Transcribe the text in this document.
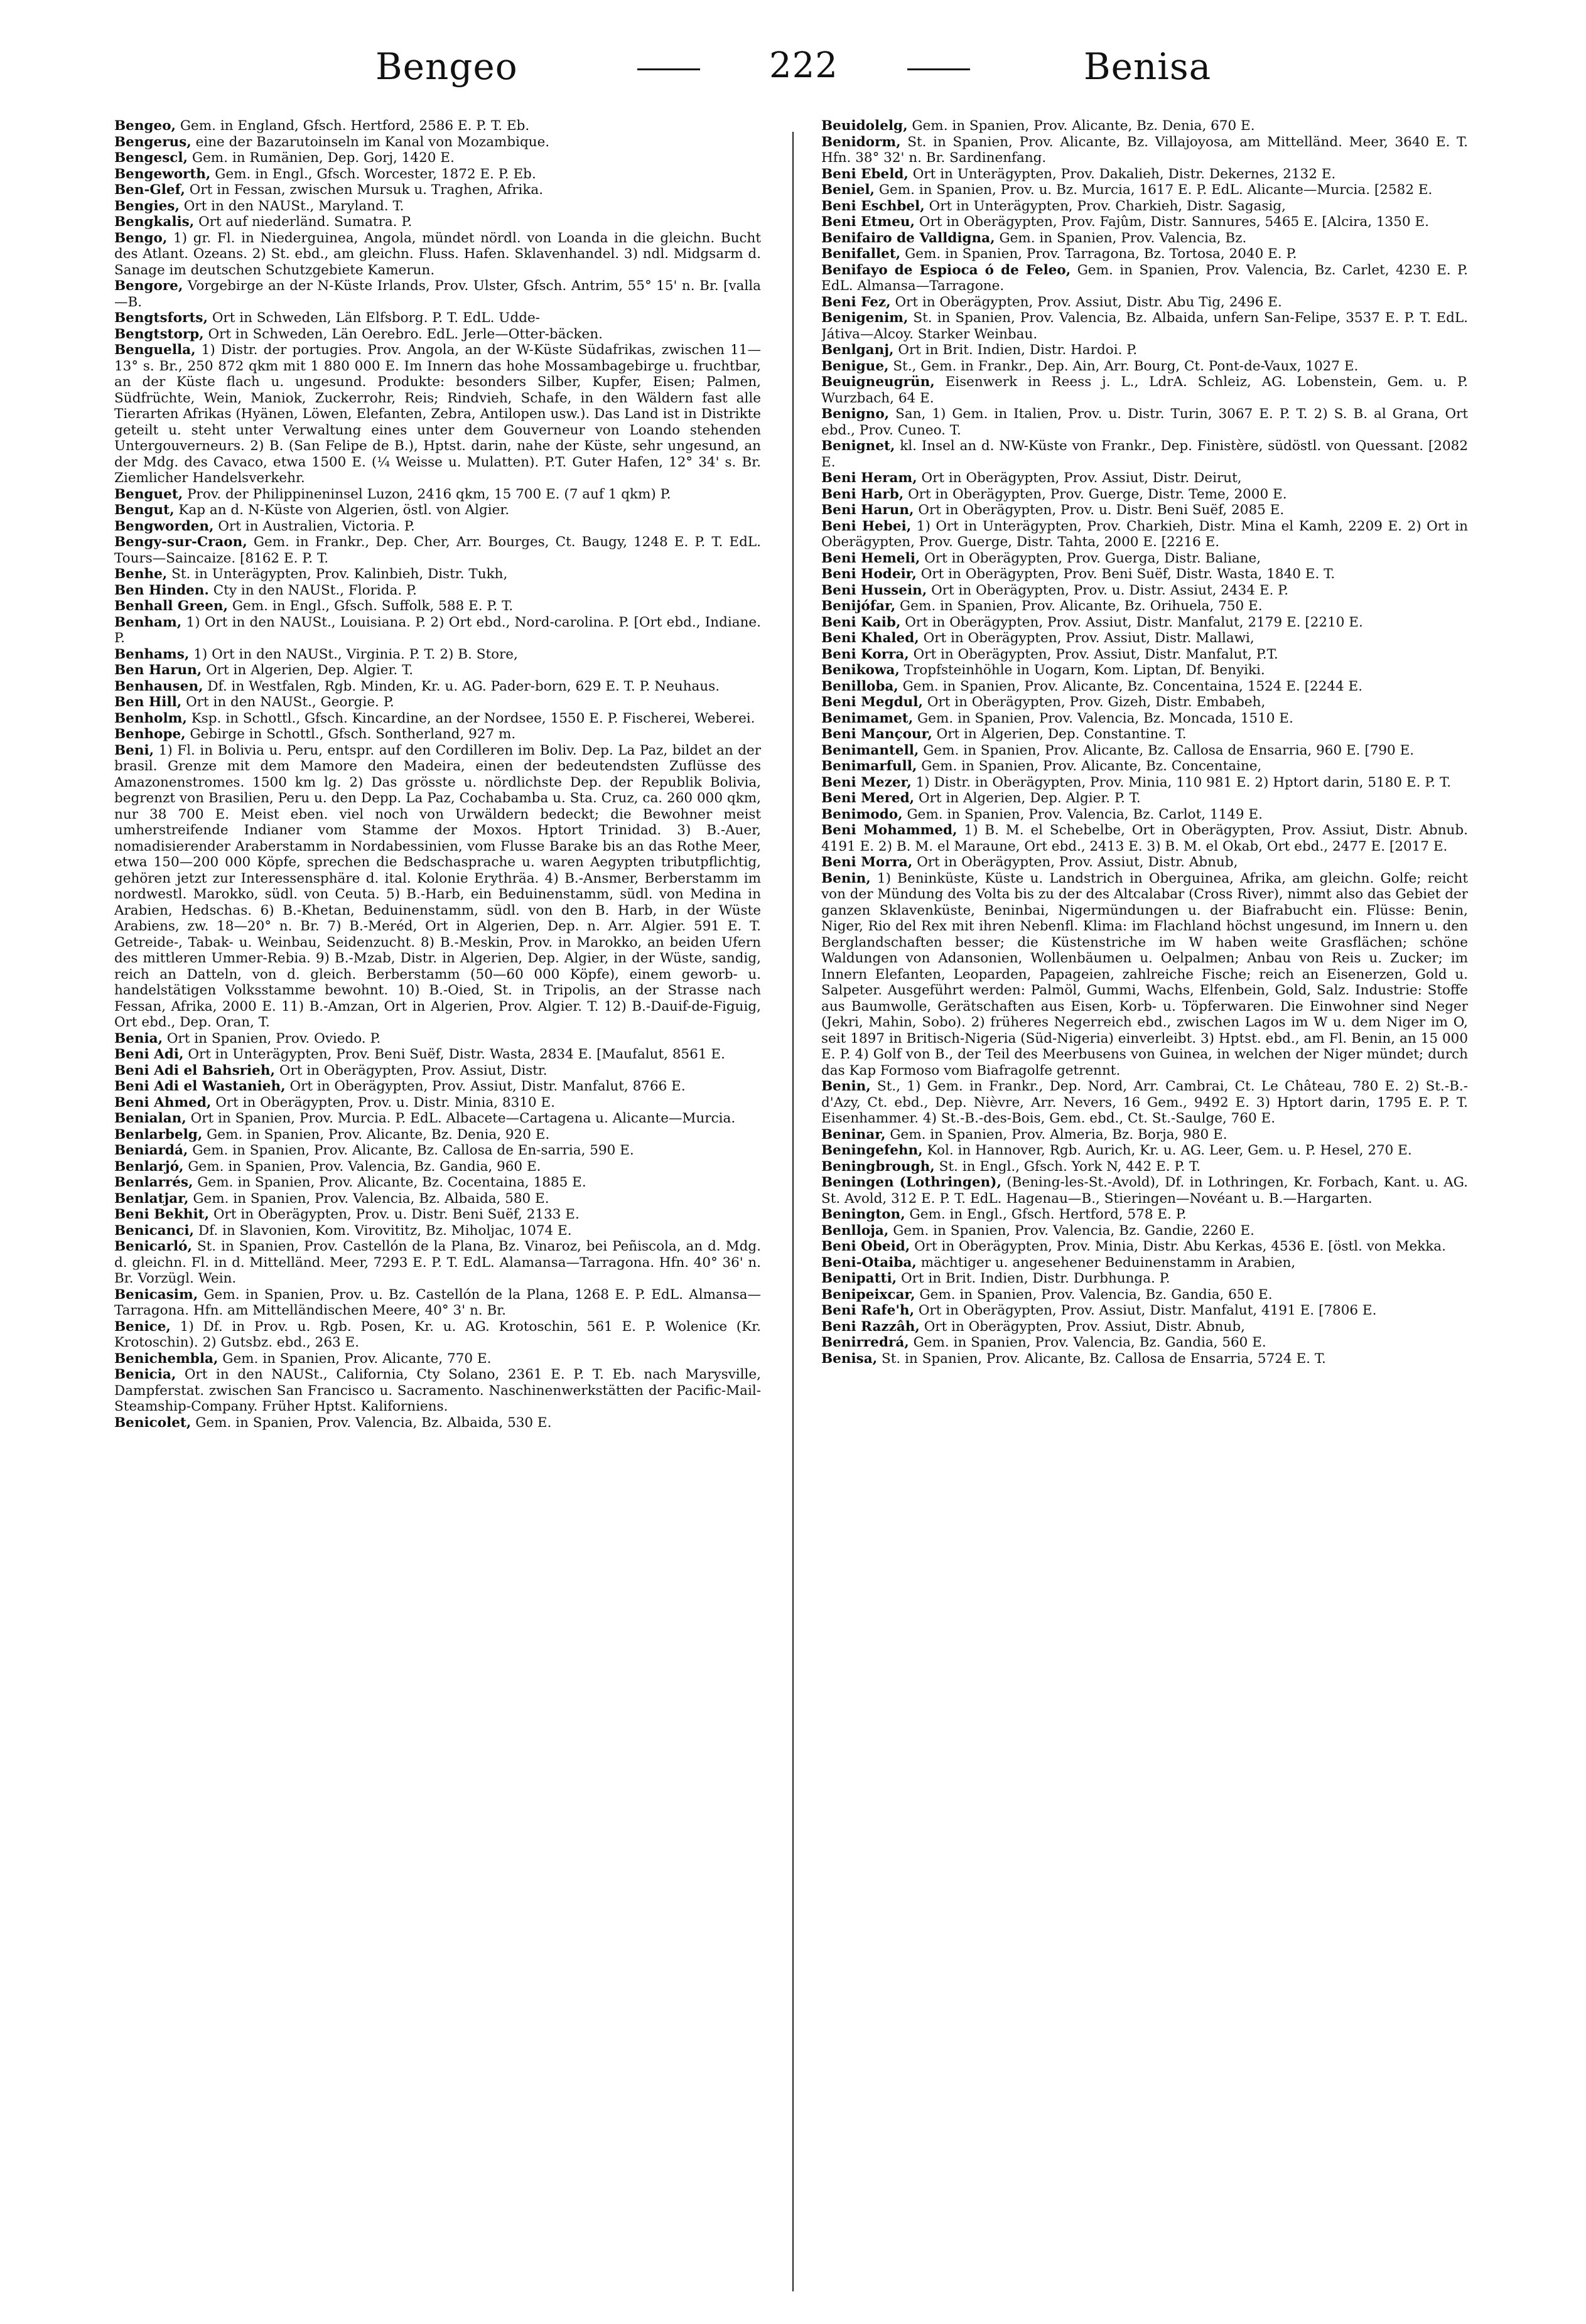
Bengeo	222	Benisa

Bengeo, Gem. in England, Gfsch. Hertford, 2586 E. P. T. Eb.

Bengerus, eine der Bazarutoinseln im Kanal von Mozambique.

Bengescl, Gem. in Rumänien, Dep. Gorj, 1420 E.

Bengeworth, Gem. in Engl., Gfsch. Worcester, 1872 E. P. Eb.

Ben-Glef, Ort in Fessan, zwischen Mursuk u. Traghen, Afrika.

Bengies, Ort in den NAUSt., Maryland. T.

Bengkalis, Ort auf niederländ. Sumatra. P.

Bengo, 1) gr. Fl. in Niederguinea, Angola, mündet nördl. von Loanda in die gleichn. Bucht des Atlant. Ozeans. 2) St. ebd., am gleichn. Fluss. Hafen. Sklavenhandel. 3) ndl. Midgsarm d. Sanage im deutschen Schutzgebiete Kamerun.

Bengore, Vorgebirge an der N-Küste Irlands, Prov. Ulster, Gfsch. Antrim, 55° 15' n. Br. [valla—B.

Bengtsforts, Ort in Schweden, Län Elfsborg. P. T. EdL. Udde-

Bengtstorp, Ort in Schweden, Län Oerebro. EdL. Jerle—Otter-bäcken.

Benguella, 1) Distr. der portugies. Prov. Angola, an der W-Küste Südafrikas, zwischen 11—13° s. Br., 250 872 qkm mit 1 880 000 E. Im Innern das hohe Mossambagebirge u. fruchtbar, an der Küste flach u. ungesund. Produkte: besonders Silber, Kupfer, Eisen; Palmen, Südfrüchte, Wein, Maniok, Zuckerrohr, Reis; Rindvieh, Schafe, in den Wäldern fast alle Tierarten Afrikas (Hyänen, Löwen, Elefanten, Zebra, Antilopen usw.). Das Land ist in Distrikte geteilt u. steht unter Verwaltung eines unter dem Gouverneur von Loando stehenden Untergouverneurs. 2) B. (San Felipe de B.), Hptst. darin, nahe der Küste, sehr ungesund, an der Mdg. des Cavaco, etwa 1500 E. (¼ Weisse u. Mulatten). P.T. Guter Hafen, 12° 34' s. Br. Ziemlicher Handelsverkehr.

Benguet, Prov. der Philippineninsel Luzon, 2416 qkm, 15 700 E. (7 auf 1 qkm) P.

Bengut, Kap an d. N-Küste von Algerien, östl. von Algier.

Bengworden, Ort in Australien, Victoria. P.

Bengy-sur-Craon, Gem. in Frankr., Dep. Cher, Arr. Bourges, Ct. Baugy, 1248 E. P. T. EdL. Tours—Saincaize. [8162 E. P. T.

Benhe, St. in Unterägypten, Prov. Kalinbieh, Distr. Tukh,

Ben Hinden. Cty in den NAUSt., Florida. P.

Benhall Green, Gem. in Engl., Gfsch. Suffolk, 588 E. P. T.

Benham, 1) Ort in den NAUSt., Louisiana. P. 2) Ort ebd., Nord-carolina. P. [Ort ebd., Indiane. P.

Benhams, 1) Ort in den NAUSt., Virginia. P. T. 2) B. Store,

Ben Harun, Ort in Algerien, Dep. Algier. T.

Benhausen, Df. in Westfalen, Rgb. Minden, Kr. u. AG. Pader-born, 629 E. T. P. Neuhaus.

Ben Hill, Ort in den NAUSt., Georgie. P.

Benholm, Ksp. in Schottl., Gfsch. Kincardine, an der Nordsee, 1550 E. P. Fischerei, Weberei.

Benhope, Gebirge in Schottl., Gfsch. Sontherland, 927 m.

Beni, 1) Fl. in Bolivia u. Peru, entspr. auf den Cordilleren im Boliv. Dep. La Paz, bildet an der brasil. Grenze mit dem Mamore den Madeira, einen der bedeutendsten Zuflüsse des Amazonenstromes. 1500 km lg. 2) Das grösste u. nördlichste Dep. der Republik Bolivia, begrenzt von Brasilien, Peru u. den Depp. La Paz, Cochabamba u. Sta. Cruz, ca. 260 000 qkm, nur 38 700 E. Meist eben. viel noch von Urwäldern bedeckt; die Bewohner meist umherstreifende Indianer vom Stamme der Moxos. Hptort Trinidad. 3) B.-Auer, nomadisierender Araberstamm in Nordabessinien, vom Flusse Barake bis an das Rothe Meer, etwa 150—200 000 Köpfe, sprechen die Bedschasprache u. waren Aegypten tributpflichtig, gehören jetzt zur Interessensphäre d. ital. Kolonie Erythräa. 4) B.-Ansmer, Berberstamm im nordwestl. Marokko, südl. von Ceuta. 5) B.-Harb, ein Beduinenstamm, südl. von Medina in Arabien, Hedschas. 6) B.-Khetan, Beduinenstamm, südl. von den B. Harb, in der Wüste Arabiens, zw. 18—20° n. Br. 7) B.-Meréd, Ort in Algerien, Dep. n. Arr. Algier. 591 E. T. Getreide-, Tabak- u. Weinbau, Seidenzucht. 8) B.-Meskin, Prov. in Marokko, an beiden Ufern des mittleren Ummer-Rebia. 9) B.-Mzab, Distr. in Algerien, Dep. Algier, in der Wüste, sandig, reich an Datteln, von d. gleich. Berberstamm (50—60 000 Köpfe), einem geworb- u. handelstätigen Volksstamme bewohnt. 10) B.-Oied, St. in Tripolis, an der Strasse nach Fessan, Afrika, 2000 E. 11) B.-Amzan, Ort in Algerien, Prov. Algier. T. 12) B.-Dauif-de-Figuig, Ort ebd., Dep. Oran, T.

Benia, Ort in Spanien, Prov. Oviedo. P.

Beni Adi, Ort in Unterägypten, Prov. Beni Suëf, Distr. Wasta, 2834 E. [Maufalut, 8561 E.

Beni Adi el Bahsrieh, Ort in Oberägypten, Prov. Assiut, Distr.

Beni Adi el Wastanieh, Ort in Oberägypten, Prov. Assiut, Distr. Manfalut, 8766 E.

Beni Ahmed, Ort in Oberägypten, Prov. u. Distr. Minia, 8310 E.

Benialan, Ort in Spanien, Prov. Murcia. P. EdL. Albacete—Cartagena u. Alicante—Murcia.

Benlarbelg, Gem. in Spanien, Prov. Alicante, Bz. Denia, 920 E.

Beniardá, Gem. in Spanien, Prov. Alicante, Bz. Callosa de En-sarria, 590 E.

Benlarjó, Gem. in Spanien, Prov. Valencia, Bz. Gandia, 960 E.

Benlarrés, Gem. in Spanien, Prov. Alicante, Bz. Cocentaina, 1885 E.

Benlatjar, Gem. in Spanien, Prov. Valencia, Bz. Albaida, 580 E.

Beni Bekhit, Ort in Oberägypten, Prov. u. Distr. Beni Suëf, 2133 E.

Benicanci, Df. in Slavonien, Kom. Virovititz, Bz. Miholjac, 1074 E.

Benicarló, St. in Spanien, Prov. Castellón de la Plana, Bz. Vinaroz, bei Peñiscola, an d. Mdg. d. gleichn. Fl. in d. Mittelländ. Meer, 7293 E. P. T. EdL. Alamansa—Tarragona. Hfn. 40° 36' n. Br. Vorzügl. Wein.

Benicasim, Gem. in Spanien, Prov. u. Bz. Castellón de la Plana, 1268 E. P. EdL. Almansa—Tarragona. Hfn. am Mittelländischen Meere, 40° 3' n. Br.

Benice, 1) Df. in Prov. u. Rgb. Posen, Kr. u. AG. Krotoschin, 561 E. P. Wolenice (Kr. Krotoschin). 2) Gutsbz. ebd., 263 E.

Benichembla, Gem. in Spanien, Prov. Alicante, 770 E.

Benicia, Ort in den NAUSt., California, Cty Solano, 2361 E. P. T. Eb. nach Marysville, Dampferstat. zwischen San Francisco u. Sacramento. Naschinenwerkstätten der Pacific-Mail-Steamship-Company. Früher Hptst. Kaliforniens.

Benicolet, Gem. in Spanien, Prov. Valencia, Bz. Albaida, 530 E.

Beuidolelg, Gem. in Spanien, Prov. Alicante, Bz. Denia, 670 E.

Benidorm, St. in Spanien, Prov. Alicante, Bz. Villajoyosa, am Mittelländ. Meer, 3640 E. T. Hfn. 38° 32' n. Br. Sardinenfang.

Beni Ebeld, Ort in Unterägypten, Prov. Dakalieh, Distr. Dekernes, 2132 E.

Beniel, Gem. in Spanien, Prov. u. Bz. Murcia, 1617 E. P. EdL. Alicante—Murcia. [2582 E.

Beni Eschbel, Ort in Unterägypten, Prov. Charkieh, Distr. Sagasig,

Beni Etmeu, Ort in Oberägypten, Prov. Fajûm, Distr. Sannures, 5465 E. [Alcira, 1350 E.

Benifairo de Valldigna, Gem. in Spanien, Prov. Valencia, Bz.

Benifallet, Gem. in Spanien, Prov. Tarragona, Bz. Tortosa, 2040 E. P.

Benifayo de Espioca ó de Feleo, Gem. in Spanien, Prov. Valencia, Bz. Carlet, 4230 E. P. EdL. Almansa—Tarragone.

Beni Fez, Ort in Oberägypten, Prov. Assiut, Distr. Abu Tig, 2496 E.

Benigenim, St. in Spanien, Prov. Valencia, Bz. Albaida, unfern San-Felipe, 3537 E. P. T. EdL. Játiva—Alcoy. Starker Weinbau.

Benlganj, Ort in Brit. Indien, Distr. Hardoi. P.

Benigue, St., Gem. in Frankr., Dep. Ain, Arr. Bourg, Ct. Pont-de-Vaux, 1027 E.

Beuigneugrün, Eisenwerk in Reess j. L., LdrA. Schleiz, AG. Lobenstein, Gem. u. P. Wurzbach, 64 E.

Benigno, San, 1) Gem. in Italien, Prov. u. Distr. Turin, 3067 E. P. T. 2) S. B. al Grana, Ort ebd., Prov. Cuneo. T.

Benignet, kl. Insel an d. NW-Küste von Frankr., Dep. Finistère, südöstl. von Quessant. [2082 E.

Beni Heram, Ort in Oberägypten, Prov. Assiut, Distr. Deirut,

Beni Harb, Ort in Oberägypten, Prov. Guerge, Distr. Teme, 2000 E.

Beni Harun, Ort in Oberägypten, Prov. u. Distr. Beni Suëf, 2085 E.

Beni Hebei, 1) Ort in Unterägypten, Prov. Charkieh, Distr. Mina el Kamh, 2209 E. 2) Ort in Oberägypten, Prov. Guerge, Distr. Tahta, 2000 E. [2216 E.

Beni Hemeli, Ort in Oberägypten, Prov. Guerga, Distr. Baliane,

Beni Hodeir, Ort in Oberägypten, Prov. Beni Suëf, Distr. Wasta, 1840 E. T.

Beni Hussein, Ort in Oberägypten, Prov. u. Distr. Assiut, 2434 E. P.

Benijófar, Gem. in Spanien, Prov. Alicante, Bz. Orihuela, 750 E.

Beni Kaib, Ort in Oberägypten, Prov. Assiut, Distr. Manfalut, 2179 E. [2210 E.

Beni Khaled, Ort in Oberägypten, Prov. Assiut, Distr. Mallawi,

Beni Korra, Ort in Oberägypten, Prov. Assiut, Distr. Manfalut, P.T.

Benikowa, Tropfsteinhöhle in Uogarn, Kom. Liptan, Df. Benyiki.

Benilloba, Gem. in Spanien, Prov. Alicante, Bz. Concentaina, 1524 E. [2244 E.

Beni Megdul, Ort in Oberägypten, Prov. Gizeh, Distr. Embabeh,

Benimamet, Gem. in Spanien, Prov. Valencia, Bz. Moncada, 1510 E.

Beni Mançour, Ort in Algerien, Dep. Constantine. T.

Benimantell, Gem. in Spanien, Prov. Alicante, Bz. Callosa de Ensarria, 960 E. [790 E.

Benimarfull, Gem. in Spanien, Prov. Alicante, Bz. Concentaine,

Beni Mezer, 1) Distr. in Oberägypten, Prov. Minia, 110 981 E. 2) Hptort darin, 5180 E. P. T.

Beni Mered, Ort in Algerien, Dep. Algier. P. T.

Benimodo, Gem. in Spanien, Prov. Valencia, Bz. Carlot, 1149 E.

Beni Mohammed, 1) B. M. el Schebelbe, Ort in Oberägypten, Prov. Assiut, Distr. Abnub. 4191 E. 2) B. M. el Maraune, Ort ebd., 2413 E. 3) B. M. el Okab, Ort ebd., 2477 E. [2017 E.

Beni Morra, Ort in Oberägypten, Prov. Assiut, Distr. Abnub,

Benin, 1) Beninküste, Küste u. Landstrich in Oberguinea, Afrika, am gleichn. Golfe; reicht von der Mündung des Volta bis zu der des Altcalabar (Cross River), nimmt also das Gebiet der ganzen Sklavenküste, Beninbai, Nigermündungen u. der Biafrabucht ein. Flüsse: Benin, Niger, Rio del Rex mit ihren Nebenfl. Klima: im Flachland höchst ungesund, im Innern u. den Berglandschaften besser; die Küstenstriche im W haben weite Grasflächen; schöne Waldungen von Adansonien, Wollenbäumen u. Oelpalmen; Anbau von Reis u. Zucker; im Innern Elefanten, Leoparden, Papageien, zahlreiche Fische; reich an Eisenerzen, Gold u. Salpeter. Ausgeführt werden: Palmöl, Gummi, Wachs, Elfenbein, Gold, Salz. Industrie: Stoffe aus Baumwolle, Gerätschaften aus Eisen, Korb- u. Töpferwaren. Die Einwohner sind Neger (Jekri, Mahin, Sobo). 2) früheres Negerreich ebd., zwischen Lagos im W u. dem Niger im O, seit 1897 in Britisch-Nigeria (Süd-Nigeria) einverleibt. 3) Hptst. ebd., am Fl. Benin, an 15 000 E. P. 4) Golf von B., der Teil des Meerbusens von Guinea, in welchen der Niger mündet; durch das Kap Formoso vom Biafragolfe getrennt.

Benin, St., 1) Gem. in Frankr., Dep. Nord, Arr. Cambrai, Ct. Le Château, 780 E. 2) St.-B.-d'Azy, Ct. ebd., Dep. Nièvre, Arr. Nevers, 16 Gem., 9492 E. 3) Hptort darin, 1795 E. P. T. Eisenhammer. 4) St.-B.-des-Bois, Gem. ebd., Ct. St.-Saulge, 760 E.

Beninar, Gem. in Spanien, Prov. Almeria, Bz. Borja, 980 E.

Beningefehn, Kol. in Hannover, Rgb. Aurich, Kr. u. AG. Leer, Gem. u. P. Hesel, 270 E.

Beningbrough, St. in Engl., Gfsch. York N, 442 E. P. T.

Beningen (Lothringen), (Bening-les-St.-Avold), Df. in Lothringen, Kr. Forbach, Kant. u. AG. St. Avold, 312 E. P. T. EdL. Hagenau—B., Stieringen—Novéant u. B.—Hargarten.

Benington, Gem. in Engl., Gfsch. Hertford, 578 E. P.

Benlloja, Gem. in Spanien, Prov. Valencia, Bz. Gandie, 2260 E.

Beni Obeid, Ort in Oberägypten, Prov. Minia, Distr. Abu Kerkas, 4536 E. [östl. von Mekka.

Beni-Otaiba, mächtiger u. angesehener Beduinenstamm in Arabien,

Benipatti, Ort in Brit. Indien, Distr. Durbhunga. P.

Benipeixcar, Gem. in Spanien, Prov. Valencia, Bz. Gandia, 650 E.

Beni Rafe'h, Ort in Oberägypten, Prov. Assiut, Distr. Manfalut, 4191 E. [7806 E.

Beni Razzâh, Ort in Oberägypten, Prov. Assiut, Distr. Abnub,

Benirredrá, Gem. in Spanien, Prov. Valencia, Bz. Gandia, 560 E.

Benisa, St. in Spanien, Prov. Alicante, Bz. Callosa de Ensarria, 5724 E. T.
